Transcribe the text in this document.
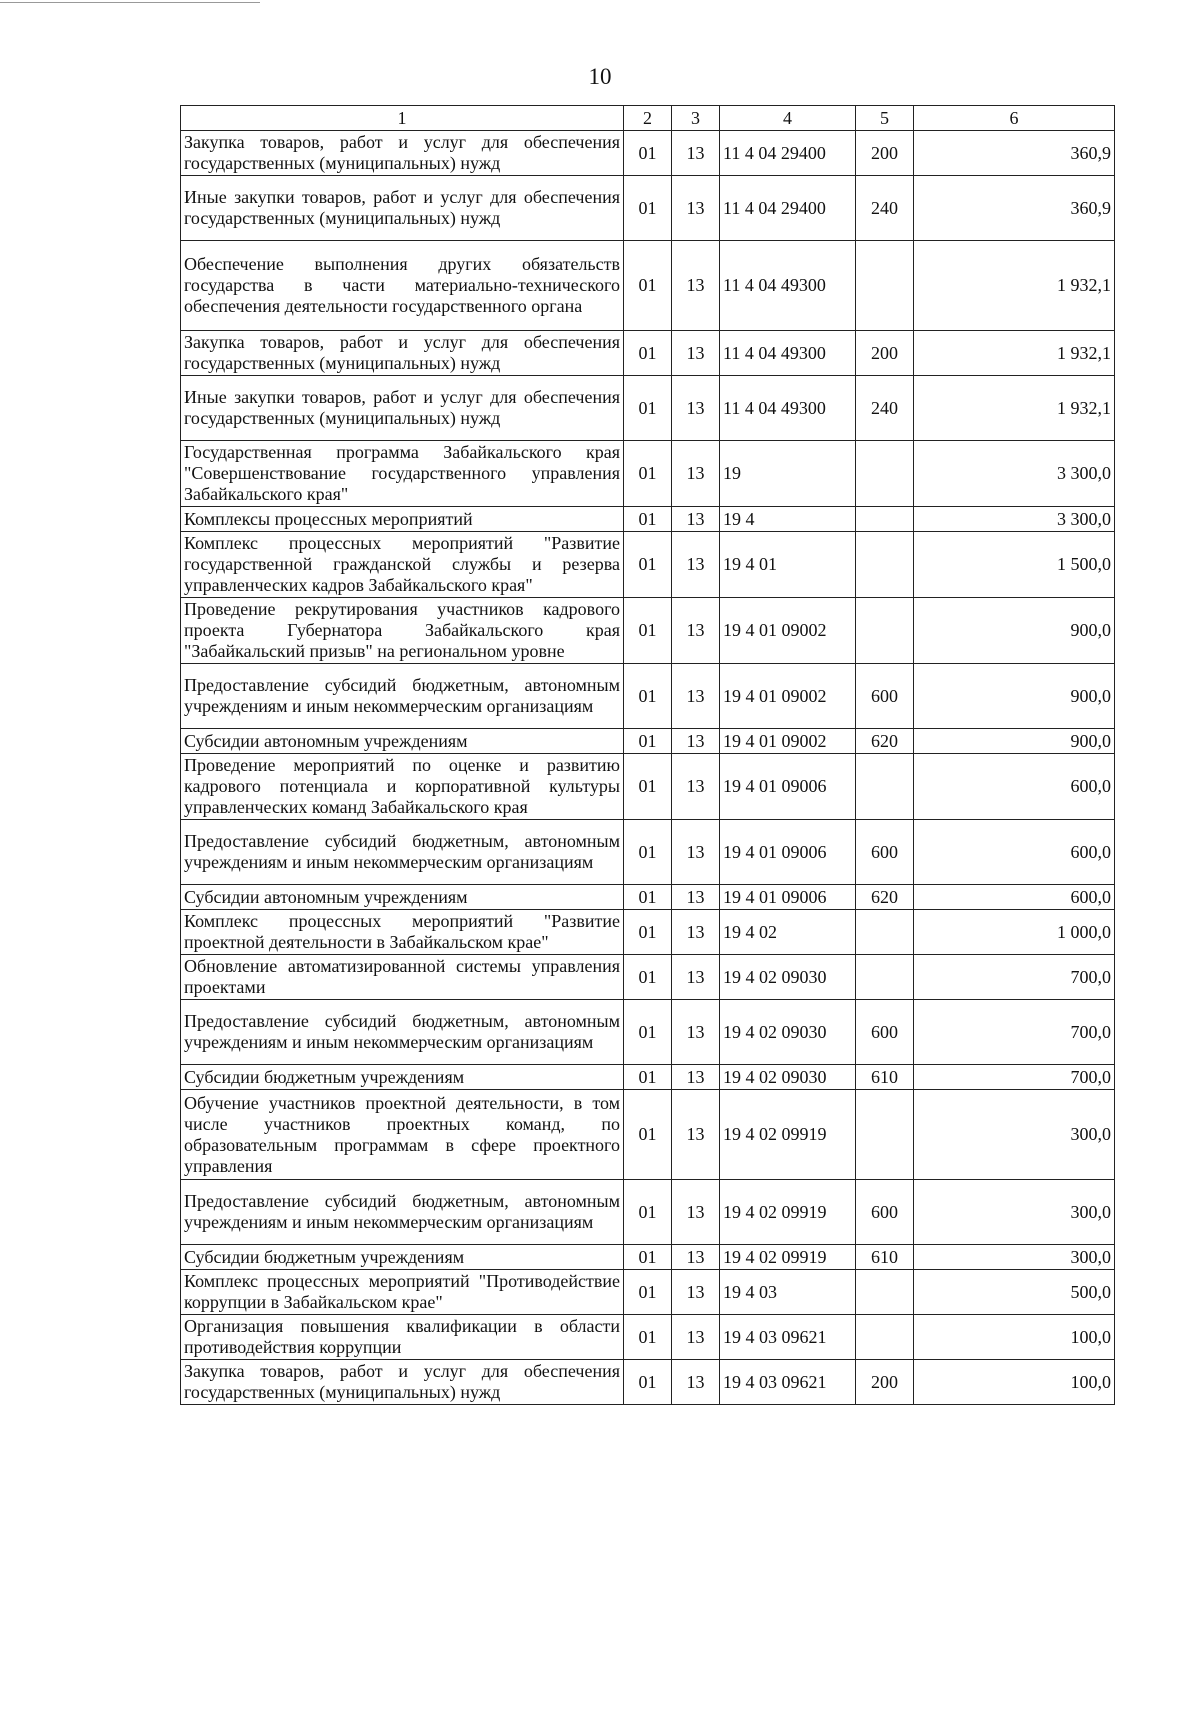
10
1	2	3	4	5	6
Закупка товаров, работ и услуг для обеспечения государственных (муниципальных) нужд	01	13	11 4 04 29400	200	360,9
Иные закупки товаров, работ и услуг для обеспечения государственных (муниципальных) нужд	01	13	11 4 04 29400	240	360,9
Обеспечение выполнения других обязательств государства в части материально-технического обеспечения деятельности государственного органа	01	13	11 4 04 49300		1 932,1
Закупка товаров, работ и услуг для обеспечения государственных (муниципальных) нужд	01	13	11 4 04 49300	200	1 932,1
Иные закупки товаров, работ и услуг для обеспечения государственных (муниципальных) нужд	01	13	11 4 04 49300	240	1 932,1
Государственная программа Забайкальского края "Совершенствование государственного управления Забайкальского края"	01	13	19		3 300,0
Комплексы процессных мероприятий	01	13	19 4		3 300,0
Комплекс процессных мероприятий "Развитие государственной гражданской службы и резерва управленческих кадров Забайкальского края"	01	13	19 4 01		1 500,0
Проведение рекрутирования участников кадрового проекта Губернатора Забайкальского края "Забайкальский призыв" на региональном уровне	01	13	19 4 01 09002		900,0
Предоставление субсидий бюджетным, автономным учреждениям и иным некоммерческим организациям	01	13	19 4 01 09002	600	900,0
Субсидии автономным учреждениям	01	13	19 4 01 09002	620	900,0
Проведение мероприятий по оценке и развитию кадрового потенциала и корпоративной культуры управленческих команд Забайкальского края	01	13	19 4 01 09006		600,0
Предоставление субсидий бюджетным, автономным учреждениям и иным некоммерческим организациям	01	13	19 4 01 09006	600	600,0
Субсидии автономным учреждениям	01	13	19 4 01 09006	620	600,0
Комплекс процессных мероприятий "Развитие проектной деятельности в Забайкальском крае"	01	13	19 4 02		1 000,0
Обновление автоматизированной системы управления проектами	01	13	19 4 02 09030		700,0
Предоставление субсидий бюджетным, автономным учреждениям и иным некоммерческим организациям	01	13	19 4 02 09030	600	700,0
Субсидии бюджетным учреждениям	01	13	19 4 02 09030	610	700,0
Обучение участников проектной деятельности, в том числе участников проектных команд, по образовательным программам в сфере проектного управления	01	13	19 4 02 09919		300,0
Предоставление субсидий бюджетным, автономным учреждениям и иным некоммерческим организациям	01	13	19 4 02 09919	600	300,0
Субсидии бюджетным учреждениям	01	13	19 4 02 09919	610	300,0
Комплекс процессных мероприятий "Противодействие коррупции в Забайкальском крае"	01	13	19 4 03		500,0
Организация повышения квалификации в области противодействия коррупции	01	13	19 4 03 09621		100,0
Закупка товаров, работ и услуг для обеспечения государственных (муниципальных) нужд	01	13	19 4 03 09621	200	100,0
